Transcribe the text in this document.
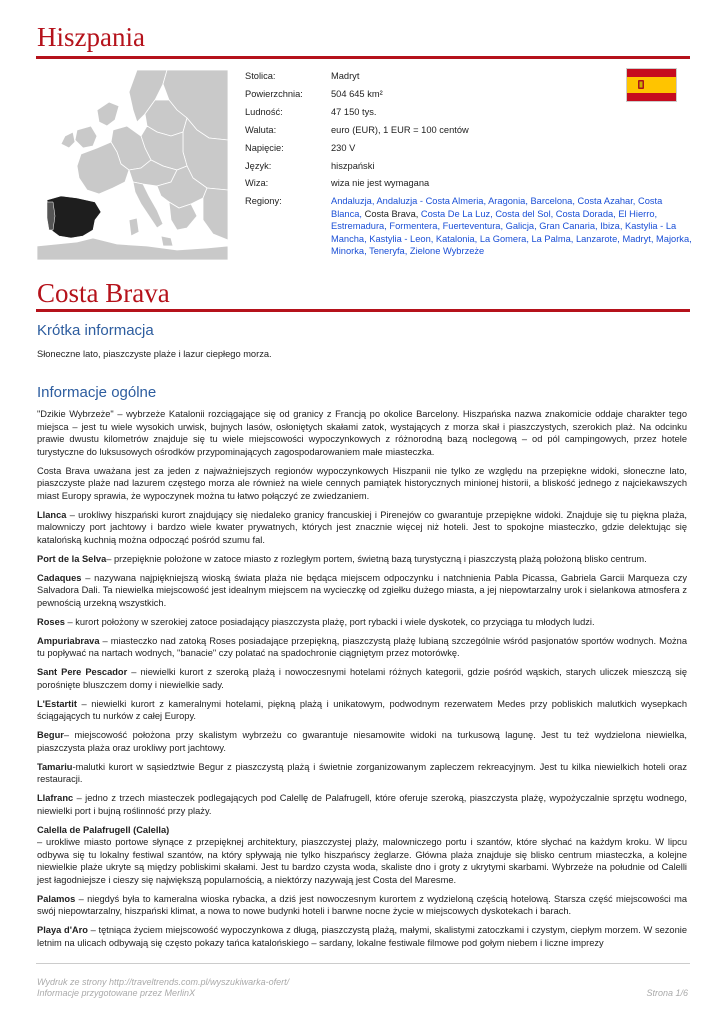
Hiszpania
Stolica:	Madryt
Powierzchnia:	504 645 km²
Ludność:	47 150 tys.
Waluta:	euro (EUR), 1 EUR = 100 centów
Napięcie:	230 V
Język:	hiszpański
Wiza:	wiza nie jest wymagana
Regiony:	Andaluzja, Andaluzja - Costa Almeria, Aragonia, Barcelona, Costa Azahar, Costa Blanca, Costa Brava, Costa De La Luz, Costa del Sol, Costa Dorada, El Hierro, Estremadura, Formentera, Fuerteventura, Galicja, Gran Canaria, Ibiza, Kastylia - La Mancha, Kastylia - Leon, Katalonia, La Gomera, La Palma, Lanzarote, Madryt, Majorka, Minorka, Teneryfa, Zielone Wybrzeże
Costa Brava
Krótka informacja

Słoneczne lato, piaszczyste plaże i lazur ciepłego morza.

Informacje ogólne

"Dzikie Wybrzeże" – wybrzeże Katalonii rozciągające się od granicy z Francją po okolice Barcelony. Hiszpańska nazwa znakomicie oddaje charakter tego miejsca – jest tu wiele wysokich urwisk, bujnych lasów, osłoniętych skałami zatok, wystających z morza skał i piaszczystych, szerokich plaż. Na odcinku prawie dwustu kilometrów znajduje się tu wiele miejscowości wypoczynkowych z różnorodną bazą noclegową – od pól campingowych, przez hotele turystyczne do luksusowych ośrodków przypominających zagospodarowaniem małe miasteczka.

Costa Brava uważana jest za jeden z najważniejszych regionów wypoczynkowych Hiszpanii nie tylko ze względu na przepiękne widoki, słoneczne lato, piaszczyste plaże nad lazurem częstego morza ale również na wiele cennych pamiątek historycznych minionej historii, a bliskość jednego z najciekawszych miast Europy sprawia, że wypoczynek można tu łatwo połączyć ze zwiedzaniem.

Llanca – urokliwy hiszpański kurort znajdujący się niedaleko granicy francuskiej i Pirenejów co gwarantuje przepiękne widoki. Znajduje się tu piękna plaża, malowniczy port jachtowy i bardzo wiele kwater prywatnych, których jest znacznie więcej niż hoteli. Jest to spokojne miasteczko, gdzie delektując się katalońską kuchnią można odpocząć pośród szumu fal.

Port de la Selva– przepięknie położone w zatoce miasto z rozległym portem, świetną bazą turystyczną i piaszczystą plażą położoną blisko centrum.

Cadaques – nazywana najpiękniejszą wioską świata plaża nie będąca miejscem odpoczynku i natchnienia Pabla Picassa, Gabriela Garcii Marqueza czy Salvadora Dali. Ta niewielka miejscowość jest idealnym miejscem na wycieczkę od zgiełku dużego miasta, a jej niepowtarzalny urok i sielankowa atmosfera z pewnością urzekną wszystkich.

Roses – kurort położony w szerokiej zatoce posiadający piaszczysta plażę, port rybacki i wiele dyskotek, co przyciąga tu młodych ludzi.

Ampuriabrava – miasteczko nad zatoką Roses posiadające przepiękną, piaszczystą plażę lubianą szczególnie wśród pasjonatów sportów wodnych. Można tu popływać na nartach wodnych, "banacie" czy polatać na spadochronie ciągniętym przez motorówkę.

Sant Pere Pescador – niewielki kurort z szeroką plażą i nowoczesnymi hotelami różnych kategorii, gdzie pośród wąskich, starych uliczek mieszczą się porośnięte bluszczem domy i niewielkie sady.

L'Estartit – niewielki kurort z kameralnymi hotelami, piękną plażą i unikatowym, podwodnym rezerwatem Medes przy pobliskich malutkich wysepkach ściągających tu nurków z całej Europy.

Begur– miejscowość położona przy skalistym wybrzeżu co gwarantuje niesamowite widoki na turkusową lagunę. Jest tu też wydzielona niewielka, piaszczysta plaża oraz urokliwy port jachtowy.

Tamariu-malutki kurort w sąsiedztwie Begur z piaszczystą plażą i świetnie zorganizowanym zapleczem rekreacyjnym. Jest tu kilka niewielkich hoteli oraz restauracji.

Llafranc – jedno z trzech miasteczek podlegających pod Calellę de Palafrugell, które oferuje szeroką, piaszczysta plażę, wypożyczalnie sprzętu wodnego, niewielki port i bujną roślinność przy plaży.

Calella de Palafrugell (Calella)
– urokliwe miasto portowe słynące z przepięknej architektury, piaszczystej plaży, malowniczego portu i szantów, które słychać na każdym kroku. W lipcu odbywa się tu lokalny festiwal szantów, na który spływają nie tylko hiszpańscy żeglarze. Główna plaża znajduje się blisko centrum miasteczka, a kolejne niewielkie plaże ukryte są między pobliskimi skałami. Jest tu bardzo czysta woda, skaliste dno i groty z ukrytymi skarbami. Wybrzeże na południe od Calelli jest łagodniejsze i cieszy się największą popularnością, a niektórzy nazywają jest Costa del Maresme.

Palamos – niegdyś była to kameralna wioska rybacka, a dziś jest nowoczesnym kurortem z wydzieloną częścią hotelową. Starsza część miejscowości ma swój niepowtarzalny, hiszpański klimat, a nowa to nowe budynki hoteli i barwne nocne życie w miejscowych dyskotekach i barach.

Playa d'Aro – tętniąca życiem miejscowość wypoczynkowa z długą, piaszczystą plażą, małymi, skalistymi zatoczkami i czystym, ciepłym morzem. W sezonie letnim na ulicach odbywają się często pokazy tańca katalońskiego – sardany, lokalne festiwale filmowe pod gołym niebem i liczne imprezy

Wydruk ze strony http://traveltrends.com.pl/wyszukiwarka-ofert/
Informacje przygotowane przez MerlinX	Strona 1/6
